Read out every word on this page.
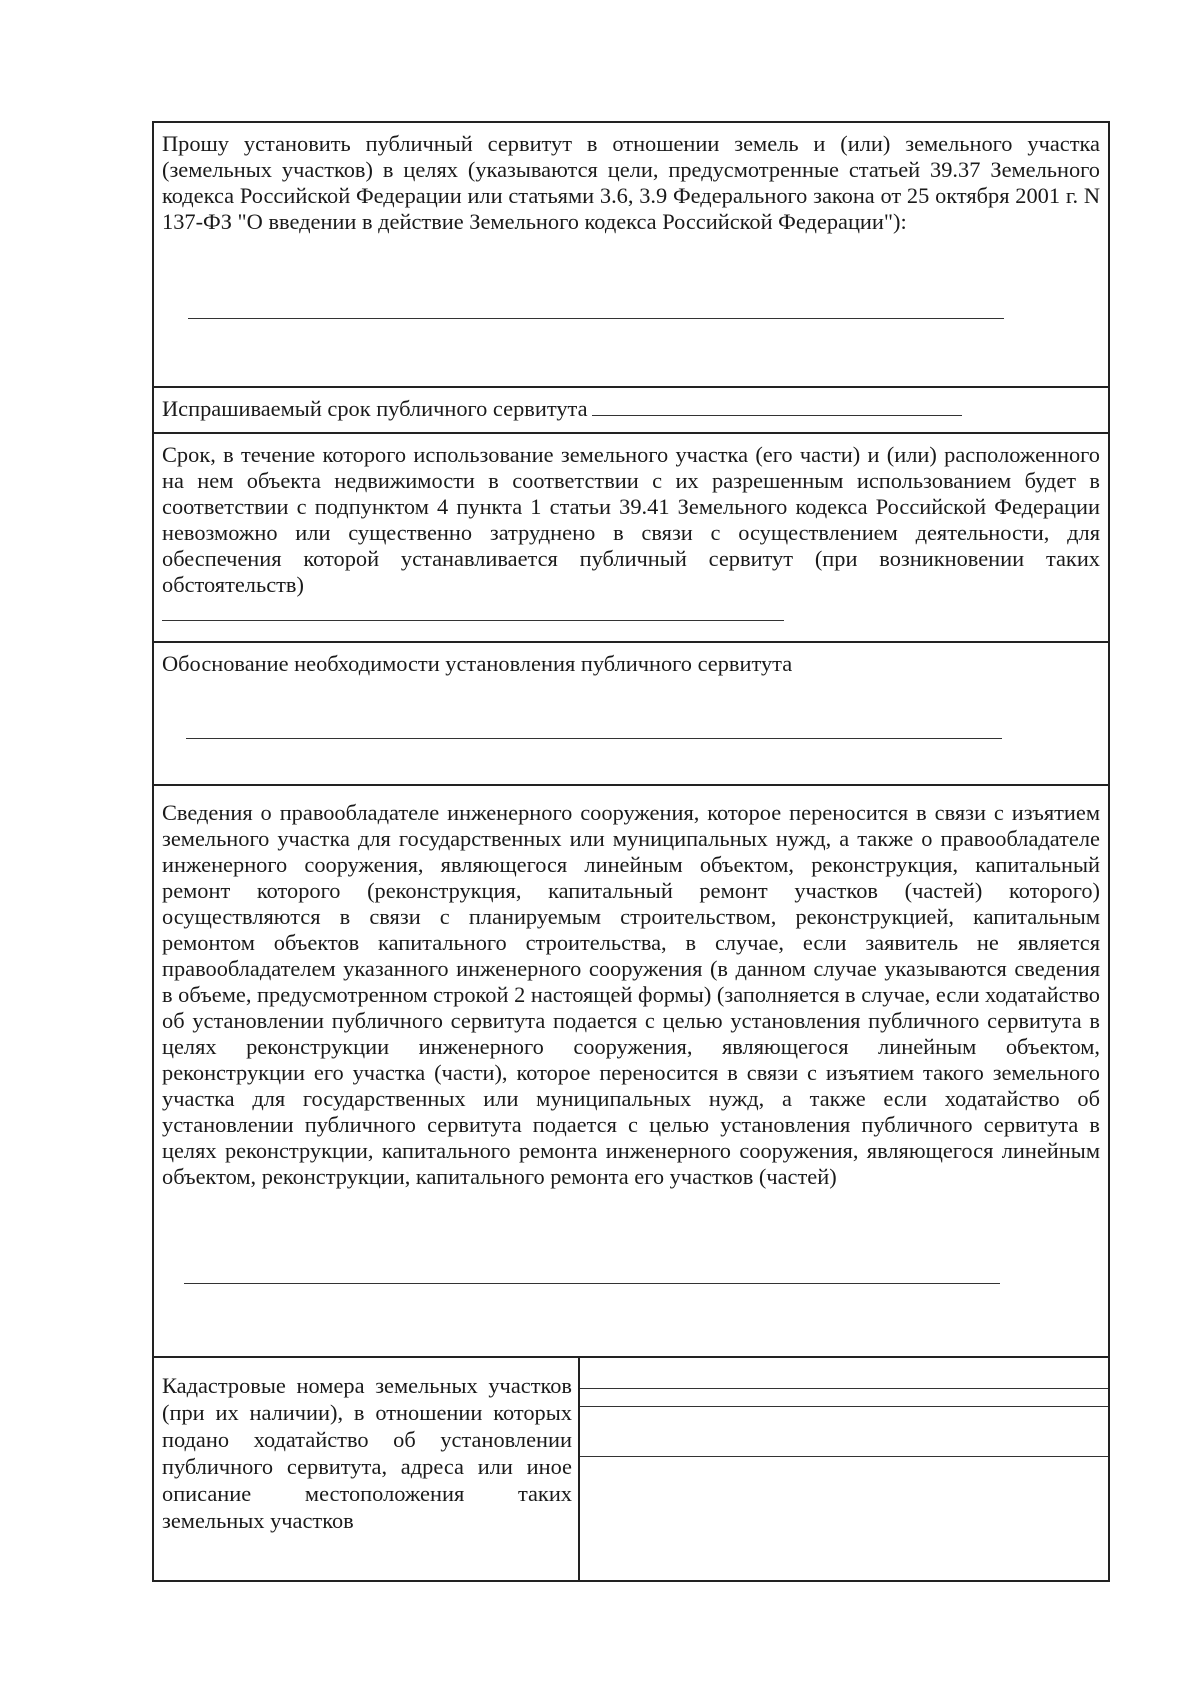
Прошу установить публичный сервитут в отношении земель и (или) земельного участка (земельных участков) в целях (указываются цели, предусмотренные статьей 39.37 Земельного кодекса Российской Федерации или статьями 3.6, 3.9 Федерального закона от 25 октября 2001 г. N 137-ФЗ "О введении в действие Земельного кодекса Российской Федерации"):

Испрашиваемый срок публичного сервитута

Срок, в течение которого использование земельного участка (его части) и (или) расположенного на нем объекта недвижимости в соответствии с их разрешенным использованием будет в соответствии с подпунктом 4 пункта 1 статьи 39.41 Земельного кодекса Российской Федерации невозможно или существенно затруднено в связи с осуществлением деятельности, для обеспечения которой устанавливается публичный сервитут (при возникновении таких обстоятельств)

Обоснование необходимости установления публичного сервитута

Сведения о правообладателе инженерного сооружения, которое переносится в связи с изъятием земельного участка для государственных или муниципальных нужд, а также о правообладателе инженерного сооружения, являющегося линейным объектом, реконструкция, капитальный ремонт которого (реконструкция, капитальный ремонт участков (частей) которого) осуществляются в связи с планируемым строительством, реконструкцией, капитальным ремонтом объектов капитального строительства, в случае, если заявитель не является правообладателем указанного инженерного сооружения (в данном случае указываются сведения в объеме, предусмотренном строкой 2 настоящей формы) (заполняется в случае, если ходатайство об установлении публичного сервитута подается с целью установления публичного сервитута в целях реконструкции инженерного сооружения, являющегося линейным объектом, реконструкции его участка (части), которое переносится в связи с изъятием такого земельного участка для государственных или муниципальных нужд, а также если ходатайство об установлении публичного сервитута подается с целью установления публичного сервитута в целях реконструкции, капитального ремонта инженерного сооружения, являющегося линейным объектом, реконструкции, капитального ремонта его участков (частей)

Кадастровые номера земельных участков (при их наличии), в отношении которых подано ходатайство об установлении публичного сервитута, адреса или иное описание местоположения таких земельных участков
